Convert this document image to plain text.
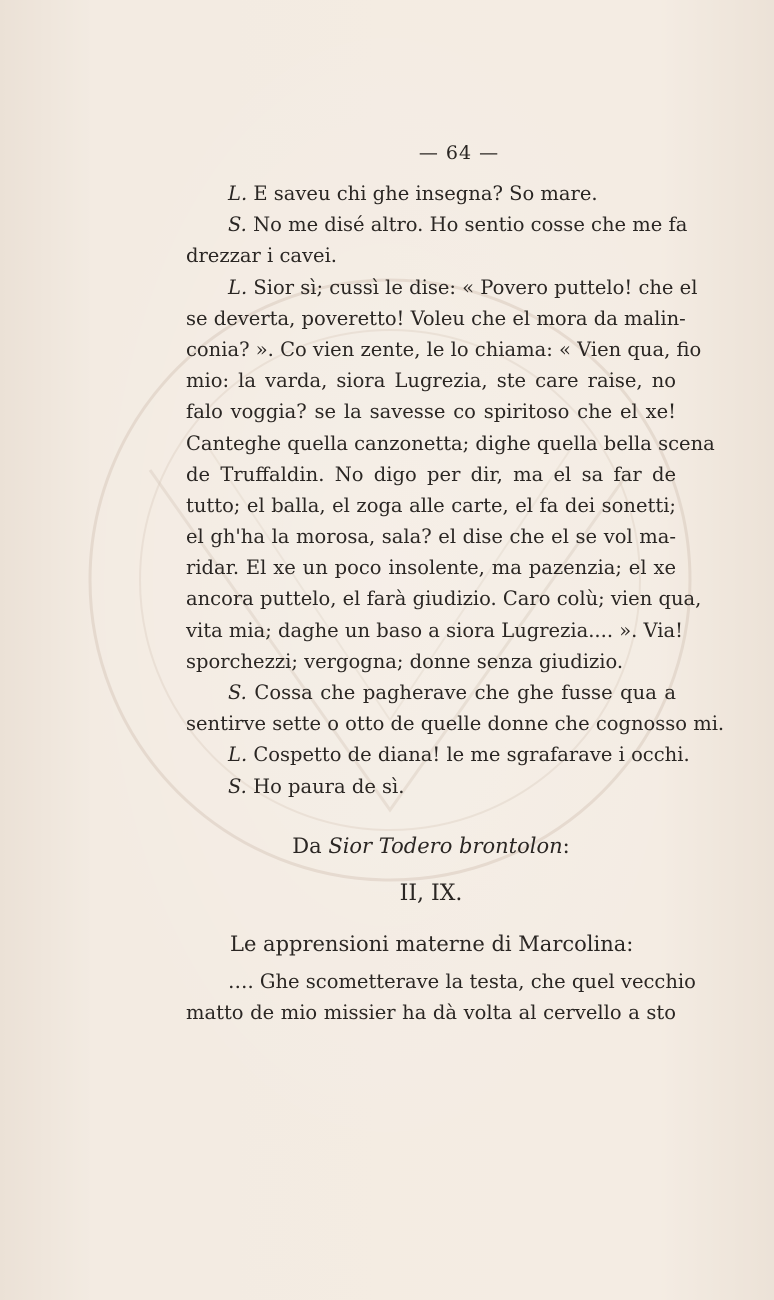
— 64 —
L. E saveu chi ghe insegna? So mare.
S. No me disé altro. Ho sentio cosse che me fa
drezzar i cavei.
L. Sior sì; cussì le dise: « Povero puttelo! che el
se deverta, poveretto! Voleu che el mora da malin-
conia? ». Co vien zente, le lo chiama: « Vien qua, fio
mio: la varda, siora Lugrezia, ste care raise, no
falo voggia? se la savesse co spiritoso che el xe!
Canteghe quella canzonetta; dighe quella bella scena
de Truffaldin. No digo per dir, ma el sa far de
tutto; el balla, el zoga alle carte, el fa dei sonetti;
el gh'ha la morosa, sala? el dise che el se vol ma-
ridar. El xe un poco insolente, ma pazenzia; el xe
ancora puttelo, el farà giudizio. Caro colù; vien qua,
vita mia; daghe un baso a siora Lugrezia.... ». Via!
sporchezzi; vergogna; donne senza giudizio.
S. Cossa che pagherave che ghe fusse qua a
sentirve sette o otto de quelle donne che cognosso mi.
L. Cospetto de diana! le me sgrafarave i occhi.
S. Ho paura de sì.
Da Sior Todero brontolon:
II, IX.
Le apprensioni materne di Marcolina:
…. Ghe scometterave la testa, che quel vecchio
matto de mio missier ha dà volta al cervello a sto
